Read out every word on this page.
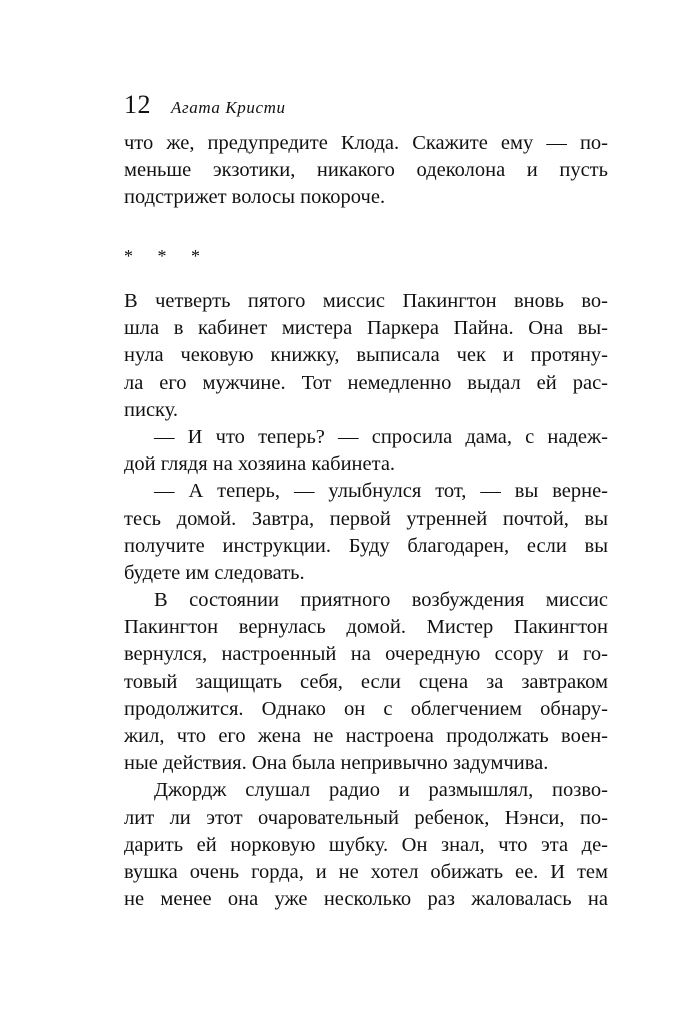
12 Агата Кристи
что же, предупредите Клода. Скажите ему — по-
меньше экзотики, никакого одеколона и пусть
подстрижет волосы покороче.
* * *
В четверть пятого миссис Пакингтон вновь во-
шла в кабинет мистера Паркера Пайна. Она вы-
нула чековую книжку, выписала чек и протяну-
ла его мужчине. Тот немедленно выдал ей рас-
писку.
— И что теперь? — спросила дама, с надеж-
дой глядя на хозяина кабинета.
— А теперь, — улыбнулся тот, — вы верне-
тесь домой. Завтра, первой утренней почтой, вы
получите инструкции. Буду благодарен, если вы
будете им следовать.
В состоянии приятного возбуждения миссис
Пакингтон вернулась домой. Мистер Пакингтон
вернулся, настроенный на очередную ссору и го-
товый защищать себя, если сцена за завтраком
продолжится. Однако он с облегчением обнару-
жил, что его жена не настроена продолжать воен-
ные действия. Она была непривычно задумчива.
Джордж слушал радио и размышлял, позво-
лит ли этот очаровательный ребенок, Нэнси, по-
дарить ей норковую шубку. Он знал, что эта де-
вушка очень горда, и не хотел обижать ее. И тем
не менее она уже несколько раз жаловалась на
